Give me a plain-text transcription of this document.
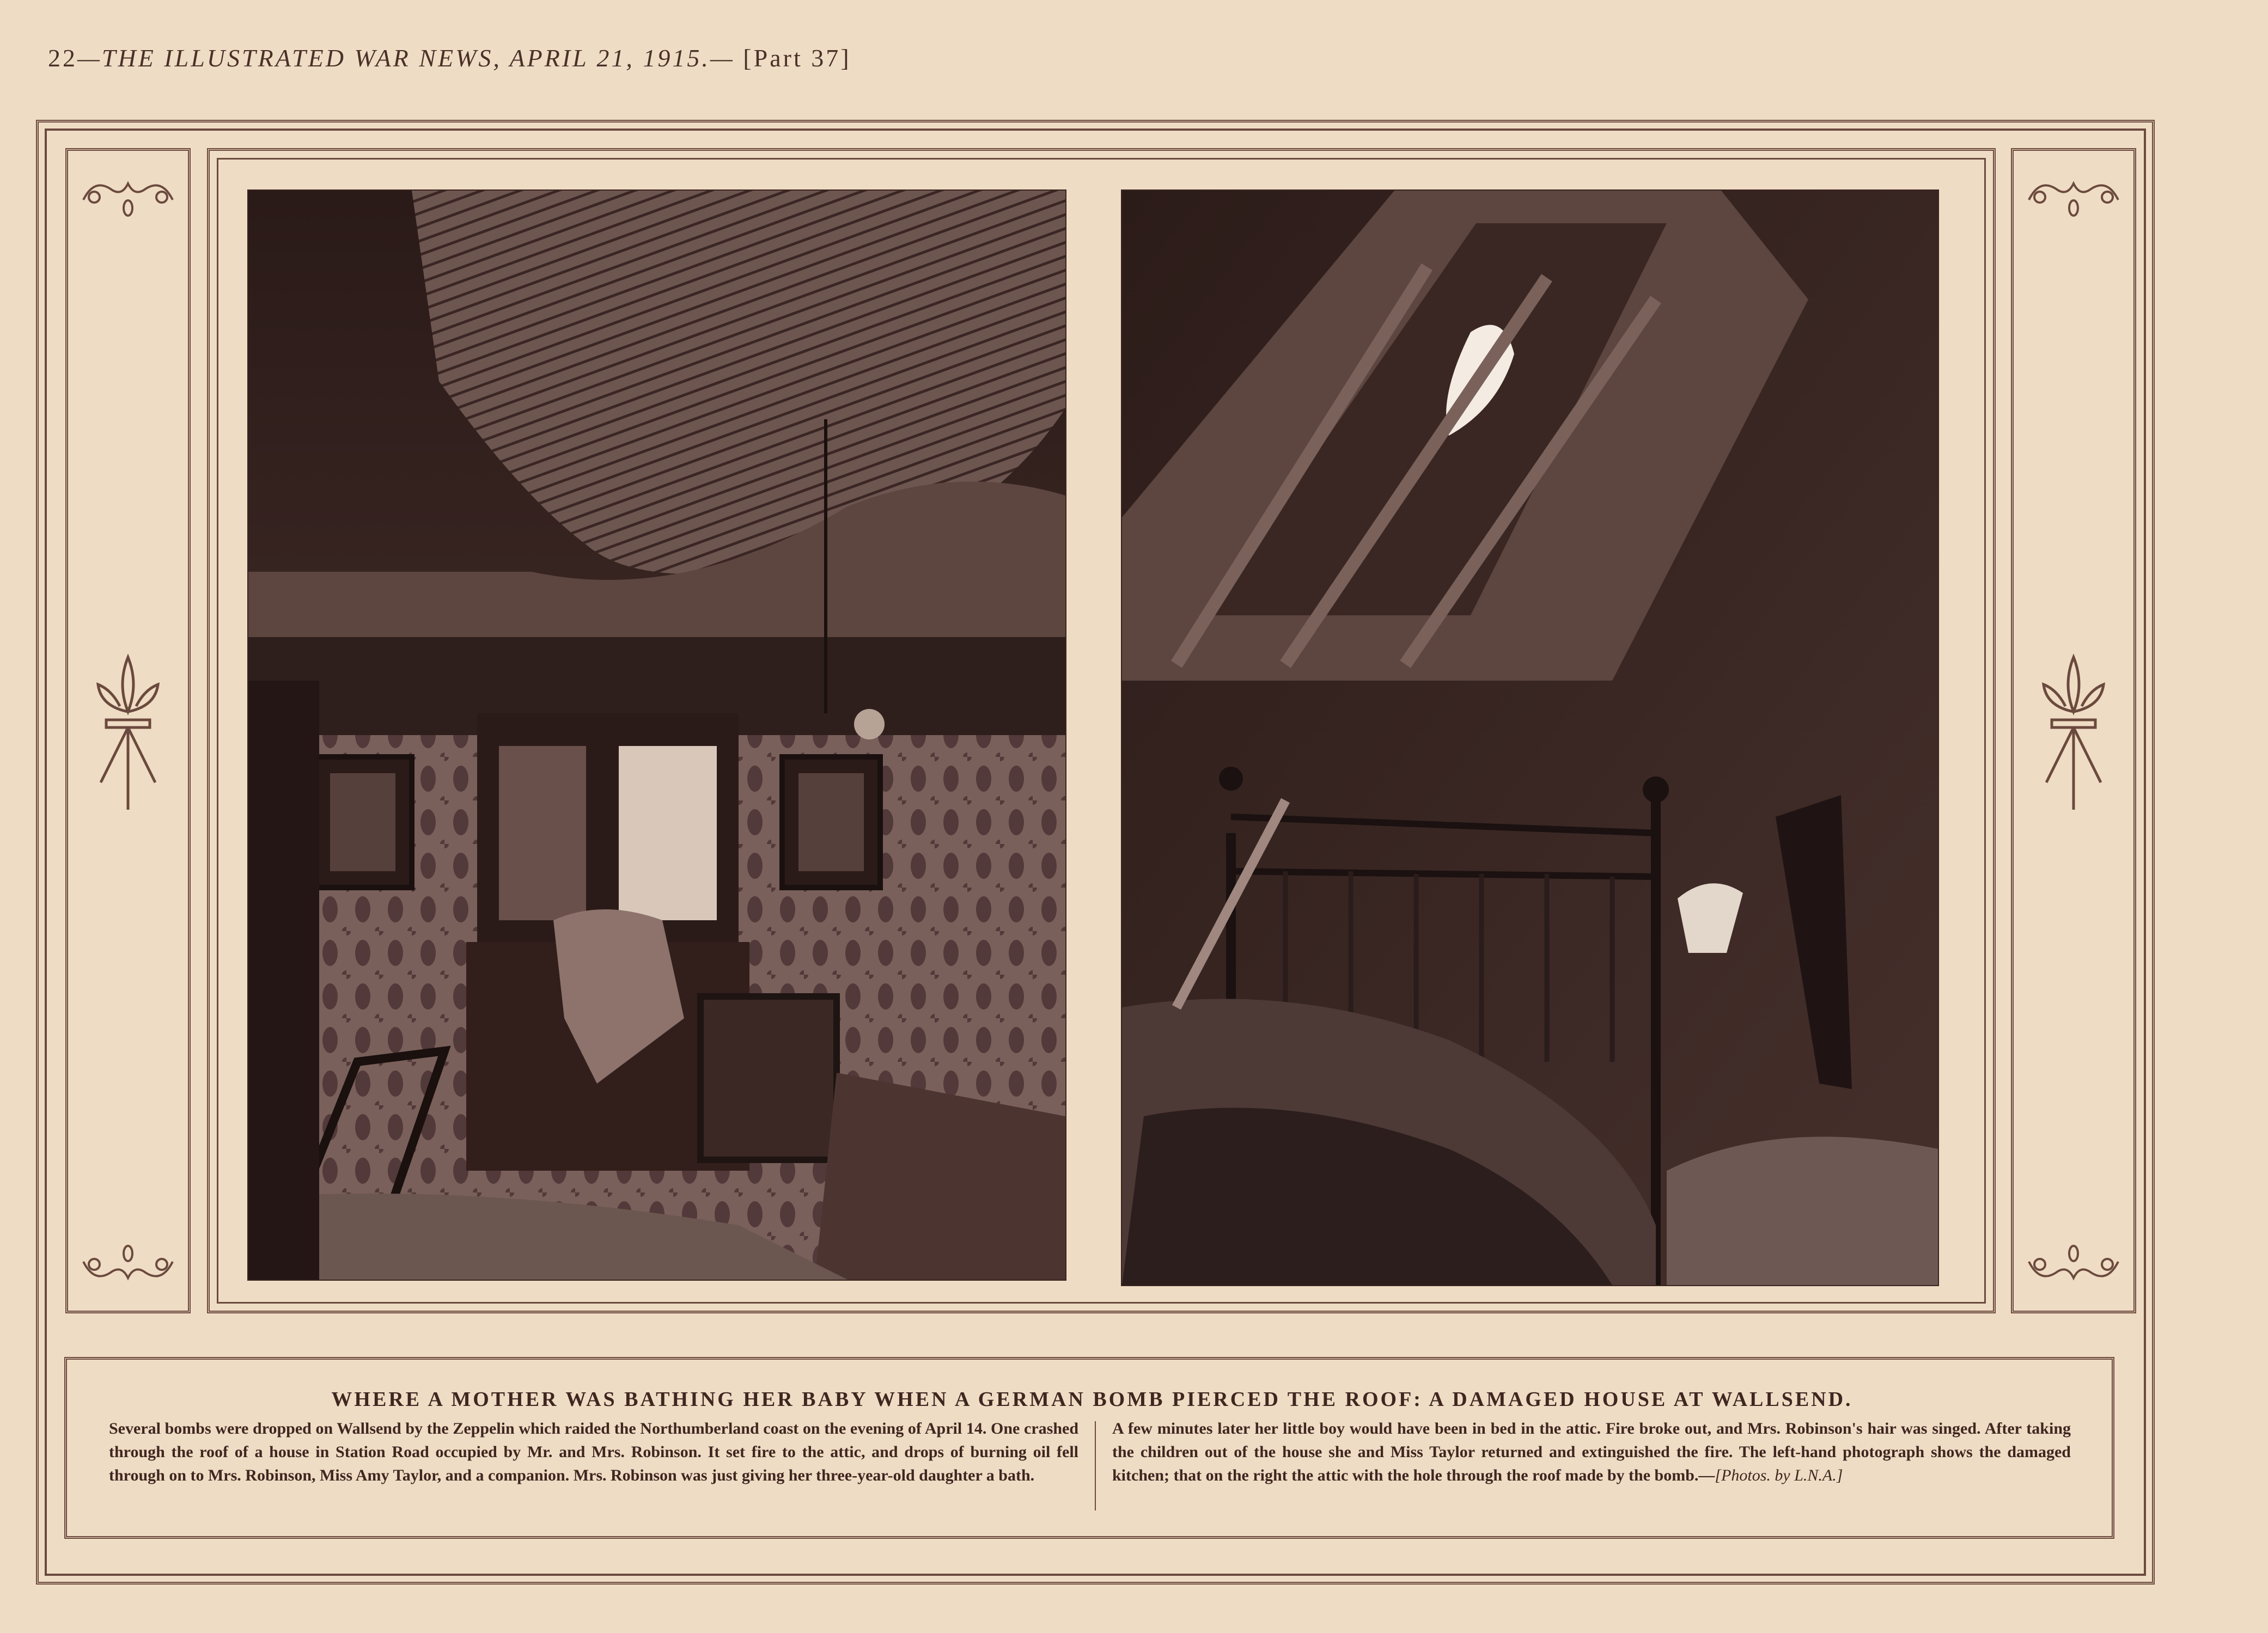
22—THE ILLUSTRATED WAR NEWS, APRIL 21, 1915.— [Part 37]
WHERE A MOTHER WAS BATHING HER BABY WHEN A GERMAN BOMB PIERCED THE ROOF: A DAMAGED HOUSE AT WALLSEND.
Several bombs were dropped on Wallsend by the Zeppelin which raided the Northumberland coast on the evening of April 14. One crashed through the roof of a house in Station Road occupied by Mr. and Mrs. Robinson. It set fire to the attic, and drops of burning oil fell through on to Mrs. Robinson, Miss Amy Taylor, and a companion. Mrs. Robinson was just giving her three-year-old daughter a bath.
A few minutes later her little boy would have been in bed in the attic. Fire broke out, and Mrs. Robinson's hair was singed. After taking the children out of the house she and Miss Taylor returned and extinguished the fire. The left-hand photograph shows the damaged kitchen; that on the right the attic with the hole through the roof made by the bomb.—[Photos. by L.N.A.]
